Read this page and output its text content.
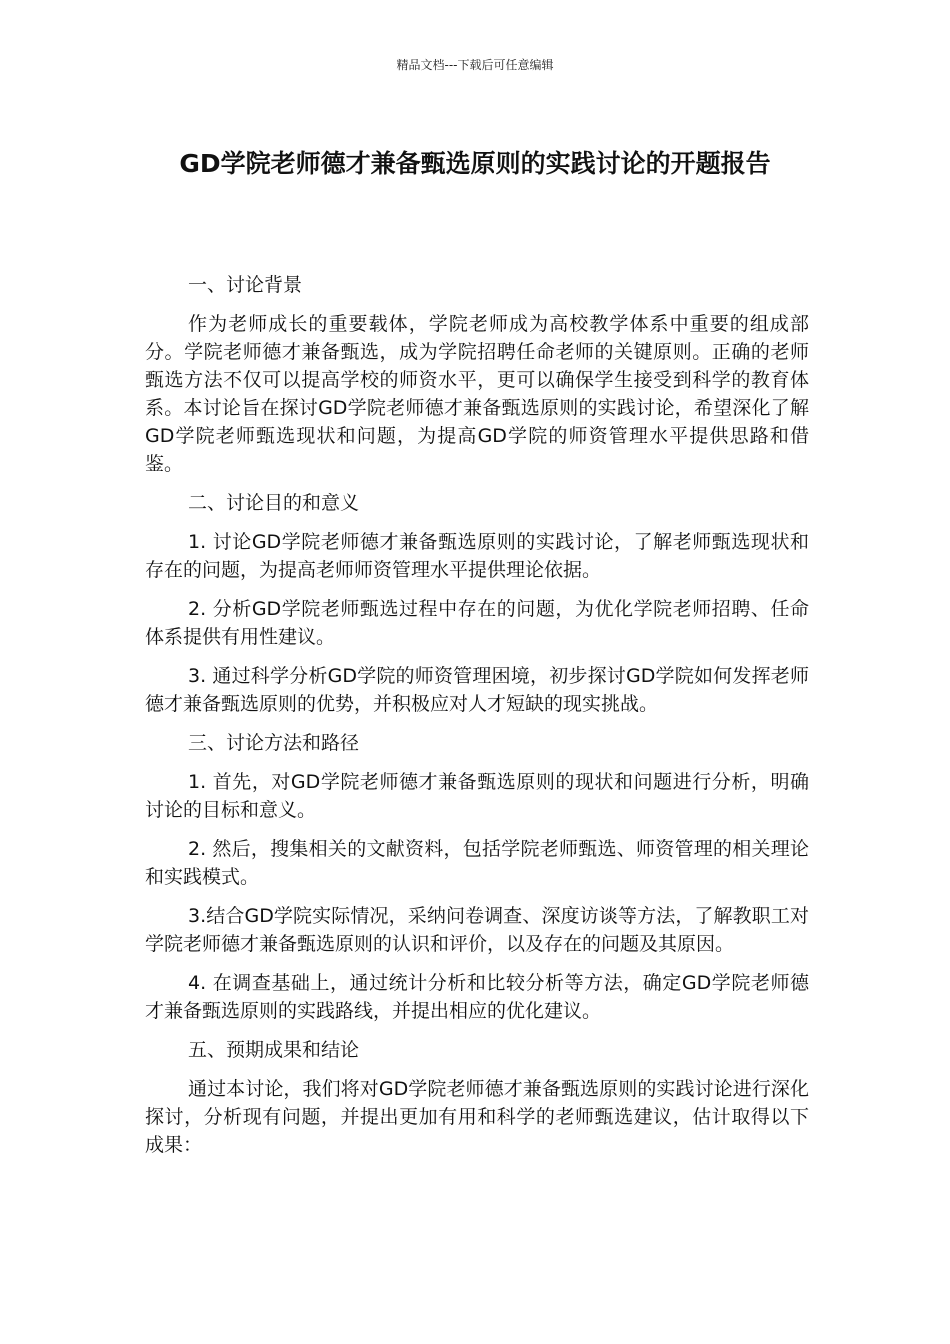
精品文档---下载后可任意编辑
GD学院老师德才兼备甄选原则的实践讨论的开题报告

一、讨论背景

作为老师成长的重要载体，学院老师成为高校教学体系中重要的组成部分。学院老师德才兼备甄选，成为学院招聘任命老师的关键原则。正确的老师甄选方法不仅可以提高学校的师资水平，更可以确保学生接受到科学的教育体系。本讨论旨在探讨GD学院老师德才兼备甄选原则的实践讨论，希望深化了解GD学院老师甄选现状和问题，为提高GD学院的师资管理水平提供思路和借鉴。

二、讨论目的和意义

1. 讨论GD学院老师德才兼备甄选原则的实践讨论，了解老师甄选现状和存在的问题，为提高老师师资管理水平提供理论依据。

2. 分析GD学院老师甄选过程中存在的问题，为优化学院老师招聘、任命体系提供有用性建议。

3. 通过科学分析GD学院的师资管理困境，初步探讨GD学院如何发挥老师德才兼备甄选原则的优势，并积极应对人才短缺的现实挑战。

三、讨论方法和路径

1. 首先，对GD学院老师德才兼备甄选原则的现状和问题进行分析，明确讨论的目标和意义。

2. 然后，搜集相关的文献资料，包括学院老师甄选、师资管理的相关理论和实践模式。

3.结合GD学院实际情况，采纳问卷调查、深度访谈等方法，了解教职工对学院老师德才兼备甄选原则的认识和评价，以及存在的问题及其原因。

4. 在调查基础上，通过统计分析和比较分析等方法，确定GD学院老师德才兼备甄选原则的实践路线，并提出相应的优化建议。

五、预期成果和结论

通过本讨论，我们将对GD学院老师德才兼备甄选原则的实践讨论进行深化探讨，分析现有问题，并提出更加有用和科学的老师甄选建议，估计取得以下成果：
